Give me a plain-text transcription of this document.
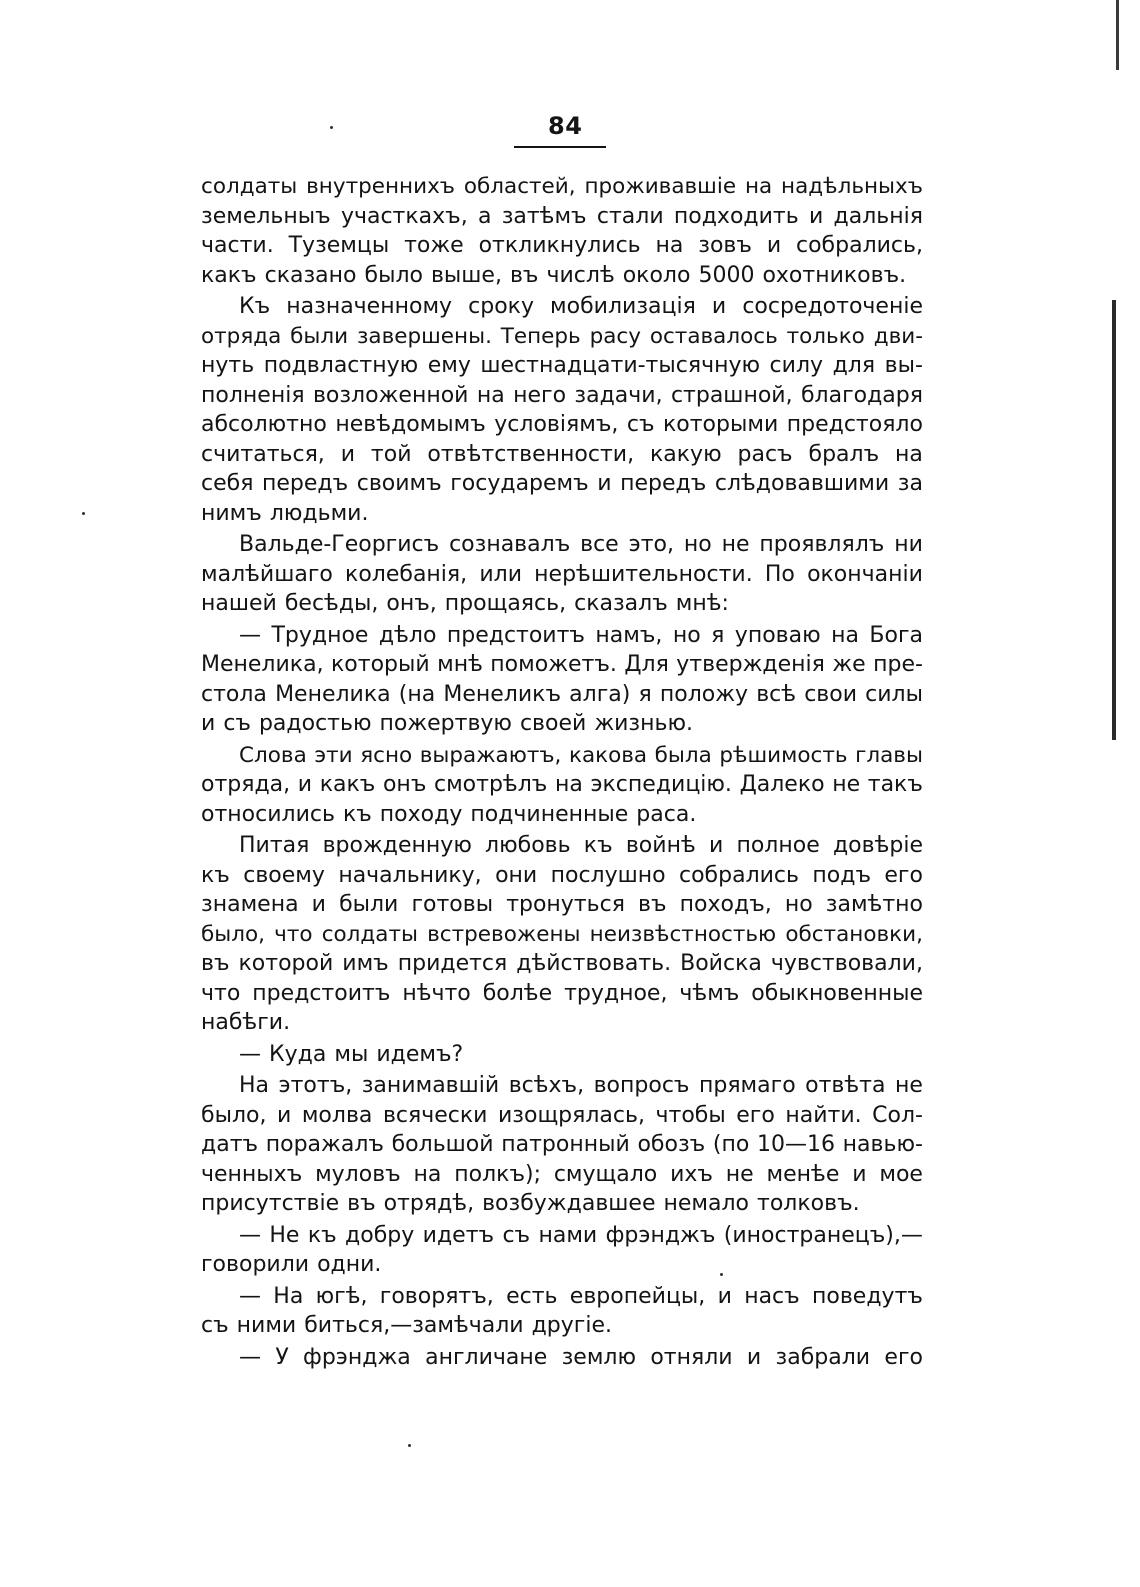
84
солдаты внутреннихъ областей, проживавшіе на надѣльныхъ
земельныъ участкахъ, а затѣмъ стали подходить и дальнія
части. Туземцы тоже откликнулись на зовъ и собрались,
какъ сказано было выше, въ числѣ около 5000 охотниковъ.
Къ назначенному сроку мобилизація и сосредоточеніе
отряда были завершены. Теперь расу оставалось только дви-
нуть подвластную ему шестнадцати-тысячную силу для вы-
полненія возложенной на него задачи, страшной, благодаря
абсолютно невѣдомымъ условіямъ, съ которыми предстояло
считаться, и той отвѣтственности, какую расъ бралъ на
себя передъ своимъ государемъ и передъ слѣдовавшими за
нимъ людьми.
Вальде-Георгисъ сознавалъ все это, но не проявлялъ ни
малѣйшаго колебанія, или нерѣшительности. По окончаніи
нашей бесѣды, онъ, прощаясь, сказалъ мнѣ:
— Трудное дѣло предстоитъ намъ, но я уповаю на Бога
Менелика, который мнѣ поможетъ. Для утвержденія же пре-
стола Менелика (на Менеликъ алга) я положу всѣ свои силы
и съ радостью пожертвую своей жизнью.
Слова эти ясно выражаютъ, какова была рѣшимость главы
отряда, и какъ онъ смотрѣлъ на экспедицію. Далеко не такъ
относились къ походу подчиненные раса.
Питая врожденную любовь къ войнѣ и полное довѣріе
къ своему начальнику, они послушно собрались подъ его
знамена и были готовы тронуться въ походъ, но замѣтно
было, что солдаты встревожены неизвѣстностью обстановки,
въ которой имъ придется дѣйствовать. Войска чувствовали,
что предстоитъ нѣчто болѣе трудное, чѣмъ обыкновенные
набѣги.
— Куда мы идемъ?
На этотъ, занимавшій всѣхъ, вопросъ прямаго отвѣта не
было, и молва всячески изощрялась, чтобы его найти. Сол-
датъ поражалъ большой патронный обозъ (по 10—16 навью-
ченныхъ муловъ на полкъ); смущало ихъ не менѣе и мое
присутствіе въ отрядѣ, возбуждавшее немало толковъ.
— Не къ добру идетъ съ нами фрэнджъ (иностранецъ),—
говорили одни.
— На югѣ, говорятъ, есть европейцы, и насъ поведутъ
съ ними биться,—замѣчали другіе.
— У фрэнджа англичане землю отняли и забрали его
